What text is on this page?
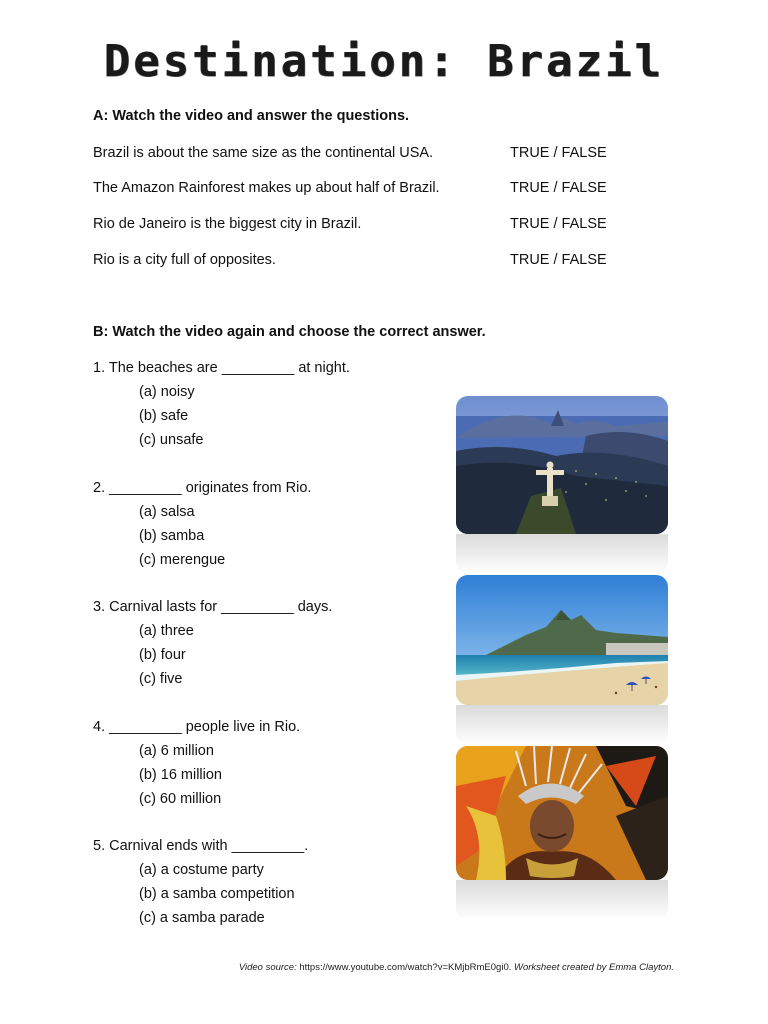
Destination: Brazil
A: Watch the video and answer the questions.
Brazil is about the same size as the continental USA.	TRUE / FALSE
The Amazon Rainforest makes up about half of Brazil.	TRUE / FALSE
Rio de Janeiro is the biggest city in Brazil.	TRUE / FALSE
Rio is a city full of opposites.	TRUE / FALSE
B: Watch the video again and choose the correct answer.
1. The beaches are _________ at night.
(a) noisy
(b) safe
(c) unsafe
2. _________ originates from Rio.
(a) salsa
(b) samba
(c) merengue
3. Carnival lasts for _________ days.
(a) three
(b) four
(c) five
4. _________ people live in Rio.
(a) 6 million
(b) 16 million
(c) 60 million
5. Carnival ends with _________.
(a) a costume party
(b) a samba competition
(c) a samba parade
Video source: https://www.youtube.com/watch?v=KMjbRmE0gi0. Worksheet created by Emma Clayton.
